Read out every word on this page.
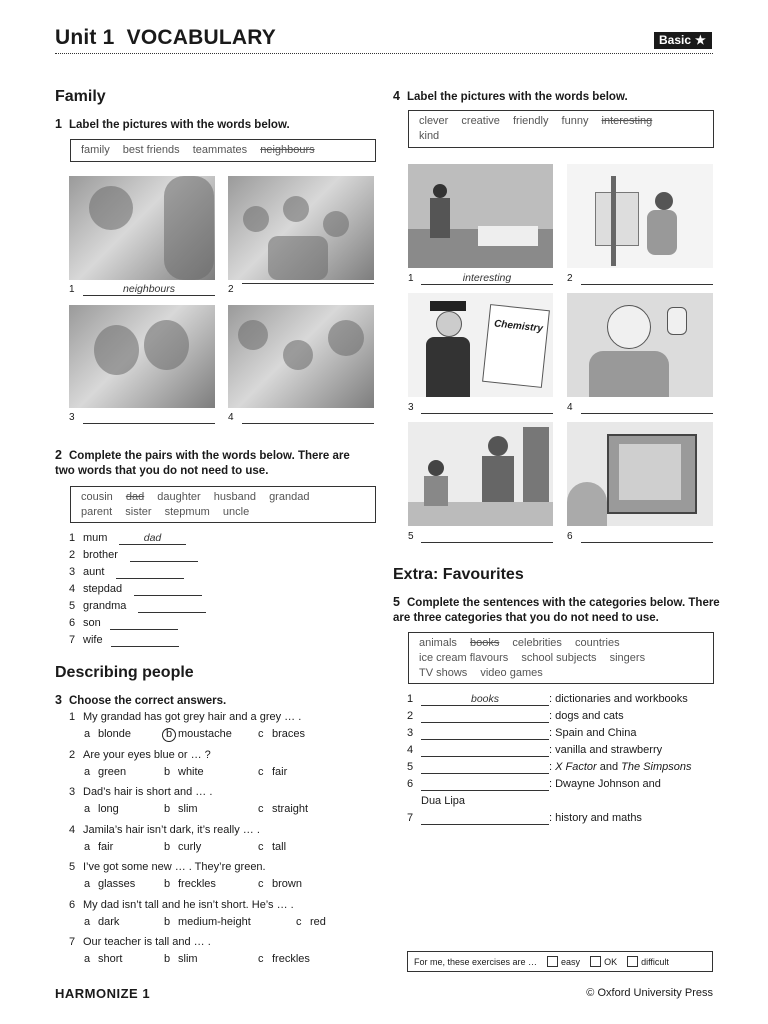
Unit 1 VOCABULARY	Basic ★
Family
1 Label the pictures with the words below.
family best friends teammates neighbours
1	neighbours	2
3	4
2 Complete the pairs with the words below. There are two words that you do not need to use.
cousin dad daughter husband grandad
parent sister stepmum uncle
1 mum	dad
2 brother
3 aunt
4 stepdad
5 grandma
6 son
7 wife
Describing people
3 Choose the correct answers.
1 My grandad has got grey hair and a grey … .
a blonde	b moustache c braces
2 Are your eyes blue or … ?
a green	b white	c fair
3 Dad’s hair is short and … .
a long	b slim	c straight
4 Jamila’s hair isn’t dark, it’s really … .
a fair	b curly	c tall
5 I’ve got some new … . They’re green.
a glasses	b freckles	c brown
6 My dad isn’t tall and he isn’t short. He’s … .
a dark	b medium-height	c red
7 Our teacher is tall and … .
a short	b slim	c freckles
4 Label the pictures with the words below.
clever creative friendly funny interesting
kind
1	interesting	2
Chemistry
3	4
5	6
Extra: Favourites
5 Complete the sentences with the categories below. There are three categories that you do not need to use.
animals books celebrities countries
ice cream flavours school subjects singers
TV shows video games
1	books	: dictionaries and workbooks
2	: dogs and cats
3	: Spain and China
4	: vanilla and strawberry
5	: X Factor and The Simpsons
6	: Dwayne Johnson and
Dua Lipa
7	: history and maths
For me, these exercises are …	easy	OK	difficult
HARMONIZE 1	© Oxford University Press
